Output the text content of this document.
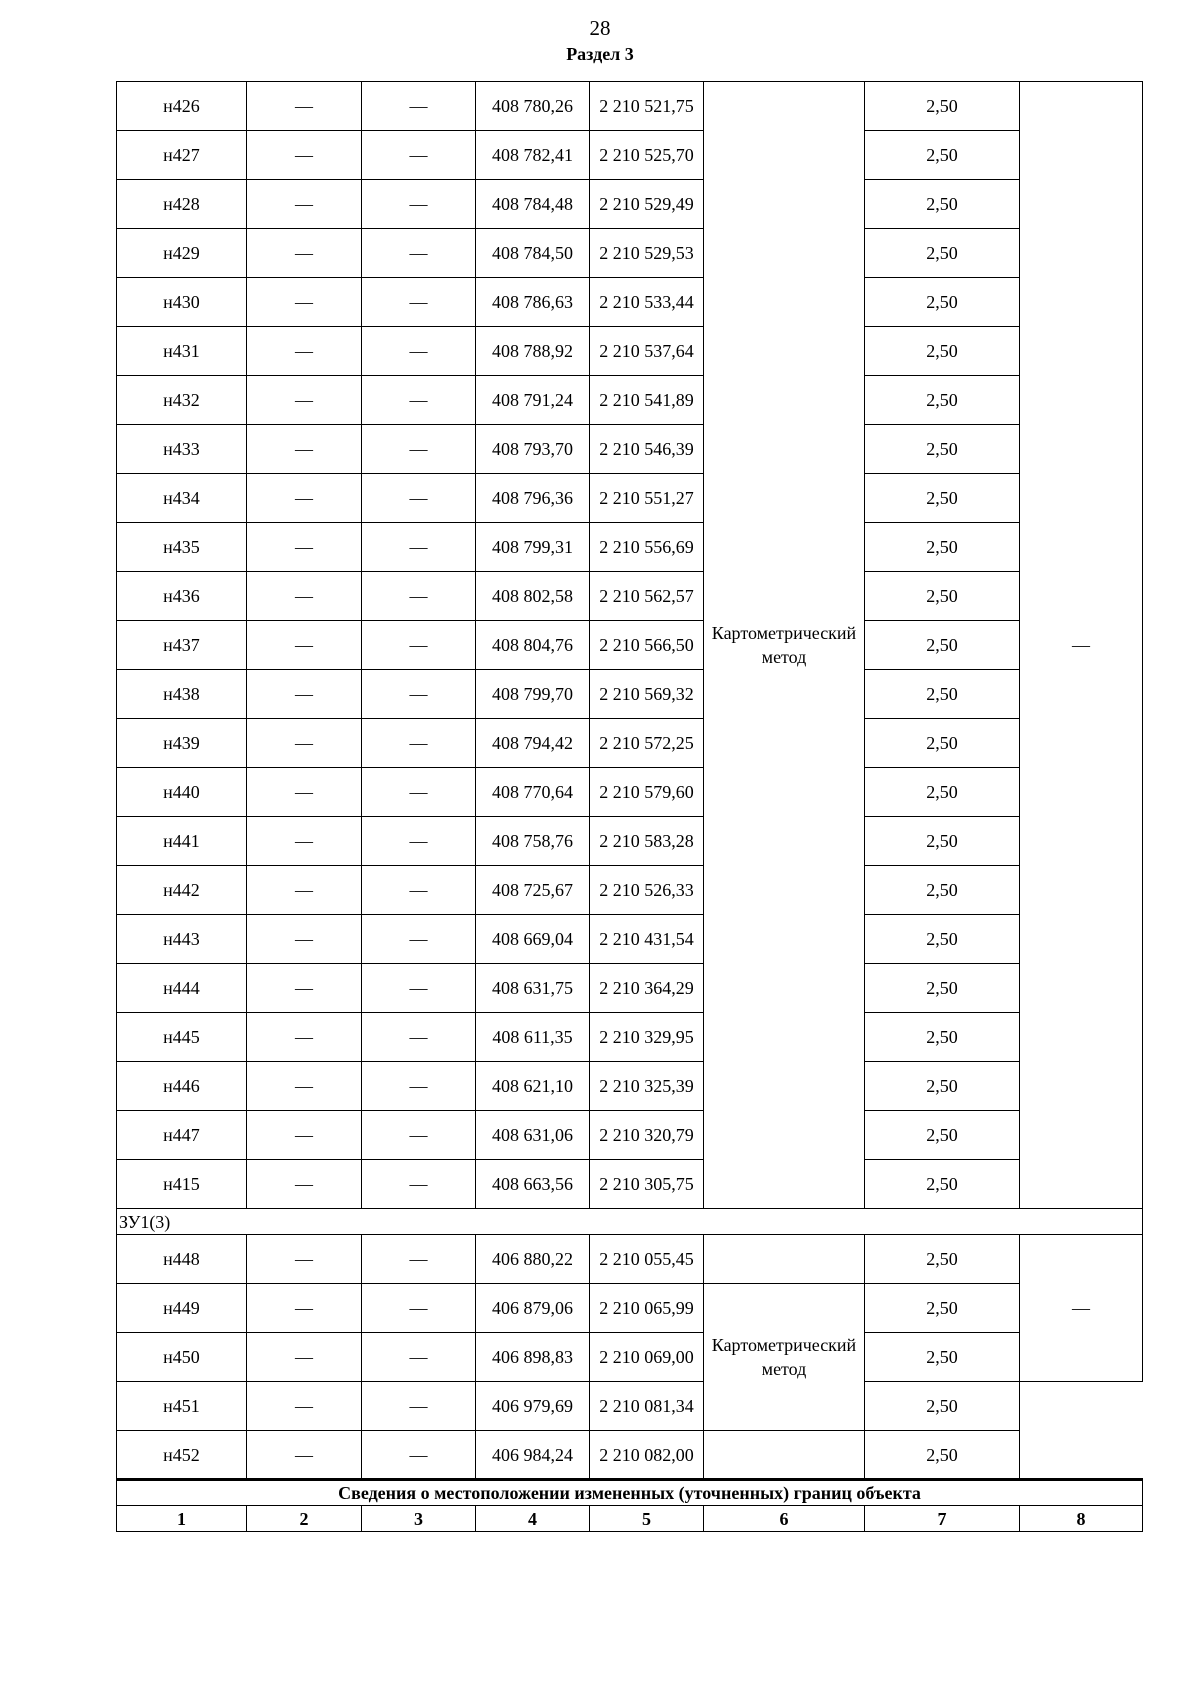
28
Раздел 3
н426	—	—	408 780,26	2 210 521,75	Картометрический метод	2,50	—
н427	—	—	408 782,41	2 210 525,70		2,50	
н428	—	—	408 784,48	2 210 529,49		2,50	
н429	—	—	408 784,50	2 210 529,53		2,50	
н430	—	—	408 786,63	2 210 533,44		2,50	
н431	—	—	408 788,92	2 210 537,64		2,50	
н432	—	—	408 791,24	2 210 541,89		2,50	
н433	—	—	408 793,70	2 210 546,39		2,50	
н434	—	—	408 796,36	2 210 551,27		2,50	
н435	—	—	408 799,31	2 210 556,69		2,50	
н436	—	—	408 802,58	2 210 562,57		2,50	
н437	—	—	408 804,76	2 210 566,50		2,50	
н438	—	—	408 799,70	2 210 569,32		2,50	
н439	—	—	408 794,42	2 210 572,25		2,50	
н440	—	—	408 770,64	2 210 579,60		2,50	
н441	—	—	408 758,76	2 210 583,28		2,50	
н442	—	—	408 725,67	2 210 526,33		2,50	
н443	—	—	408 669,04	2 210 431,54		2,50	
н444	—	—	408 631,75	2 210 364,29		2,50	
н445	—	—	408 611,35	2 210 329,95		2,50	
н446	—	—	408 621,10	2 210 325,39		2,50	
н447	—	—	408 631,06	2 210 320,79		2,50	
н415	—	—	408 663,56	2 210 305,75		2,50	
ЗУ1(3)							
н448	—	—	406 880,22	2 210 055,45		2,50	—
н449	—	—	406 879,06	2 210 065,99	Картометрический метод	2,50	
н450	—	—	406 898,83	2 210 069,00		2,50	
н451	—	—	406 979,69	2 210 081,34		2,50	
н452	—	—	406 984,24	2 210 082,00		2,50	
Сведения о местоположении измененных (уточненных) границ объекта							
1	2	3	4	5	6	7	8
